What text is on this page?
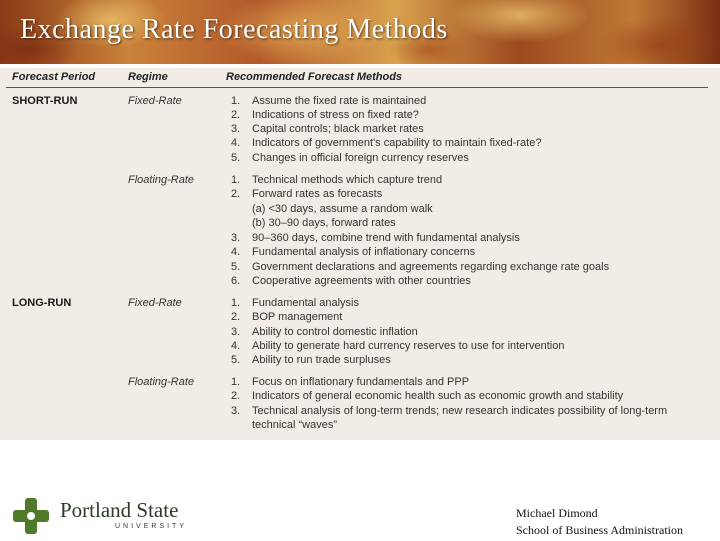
Exchange Rate Forecasting Methods
Forecast Period	Regime	Recommended Forecast Methods
SHORT-RUN
LONG-RUN
Fixed-Rate
Floating-Rate
Fixed-Rate
Floating-Rate
1. Assume the fixed rate is maintained
2. Indications of stress on fixed rate?
3. Capital controls; black market rates
4. Indicators of government's capability to maintain fixed-rate?
5. Changes in official foreign currency reserves
1. Technical methods which capture trend
2. Forward rates as forecasts
(a) <30 days, assume a random walk
(b) 30–90 days, forward rates
3. 90–360 days, combine trend with fundamental analysis
4. Fundamental analysis of inflationary concerns
5. Government declarations and agreements regarding exchange rate goals
6. Cooperative agreements with other countries
1. Fundamental analysis
2. BOP management
3. Ability to control domestic inflation
4. Ability to generate hard currency reserves to use for intervention
5. Ability to run trade surpluses
1. Focus on inflationary fundamentals and PPP
2. Indicators of general economic health such as economic growth and stability
3. Technical analysis of long-term trends; new research indicates possibility of long-term
technical “waves”
Portland State
UNIVERSITY
Michael Dimond
School of Business Administration
